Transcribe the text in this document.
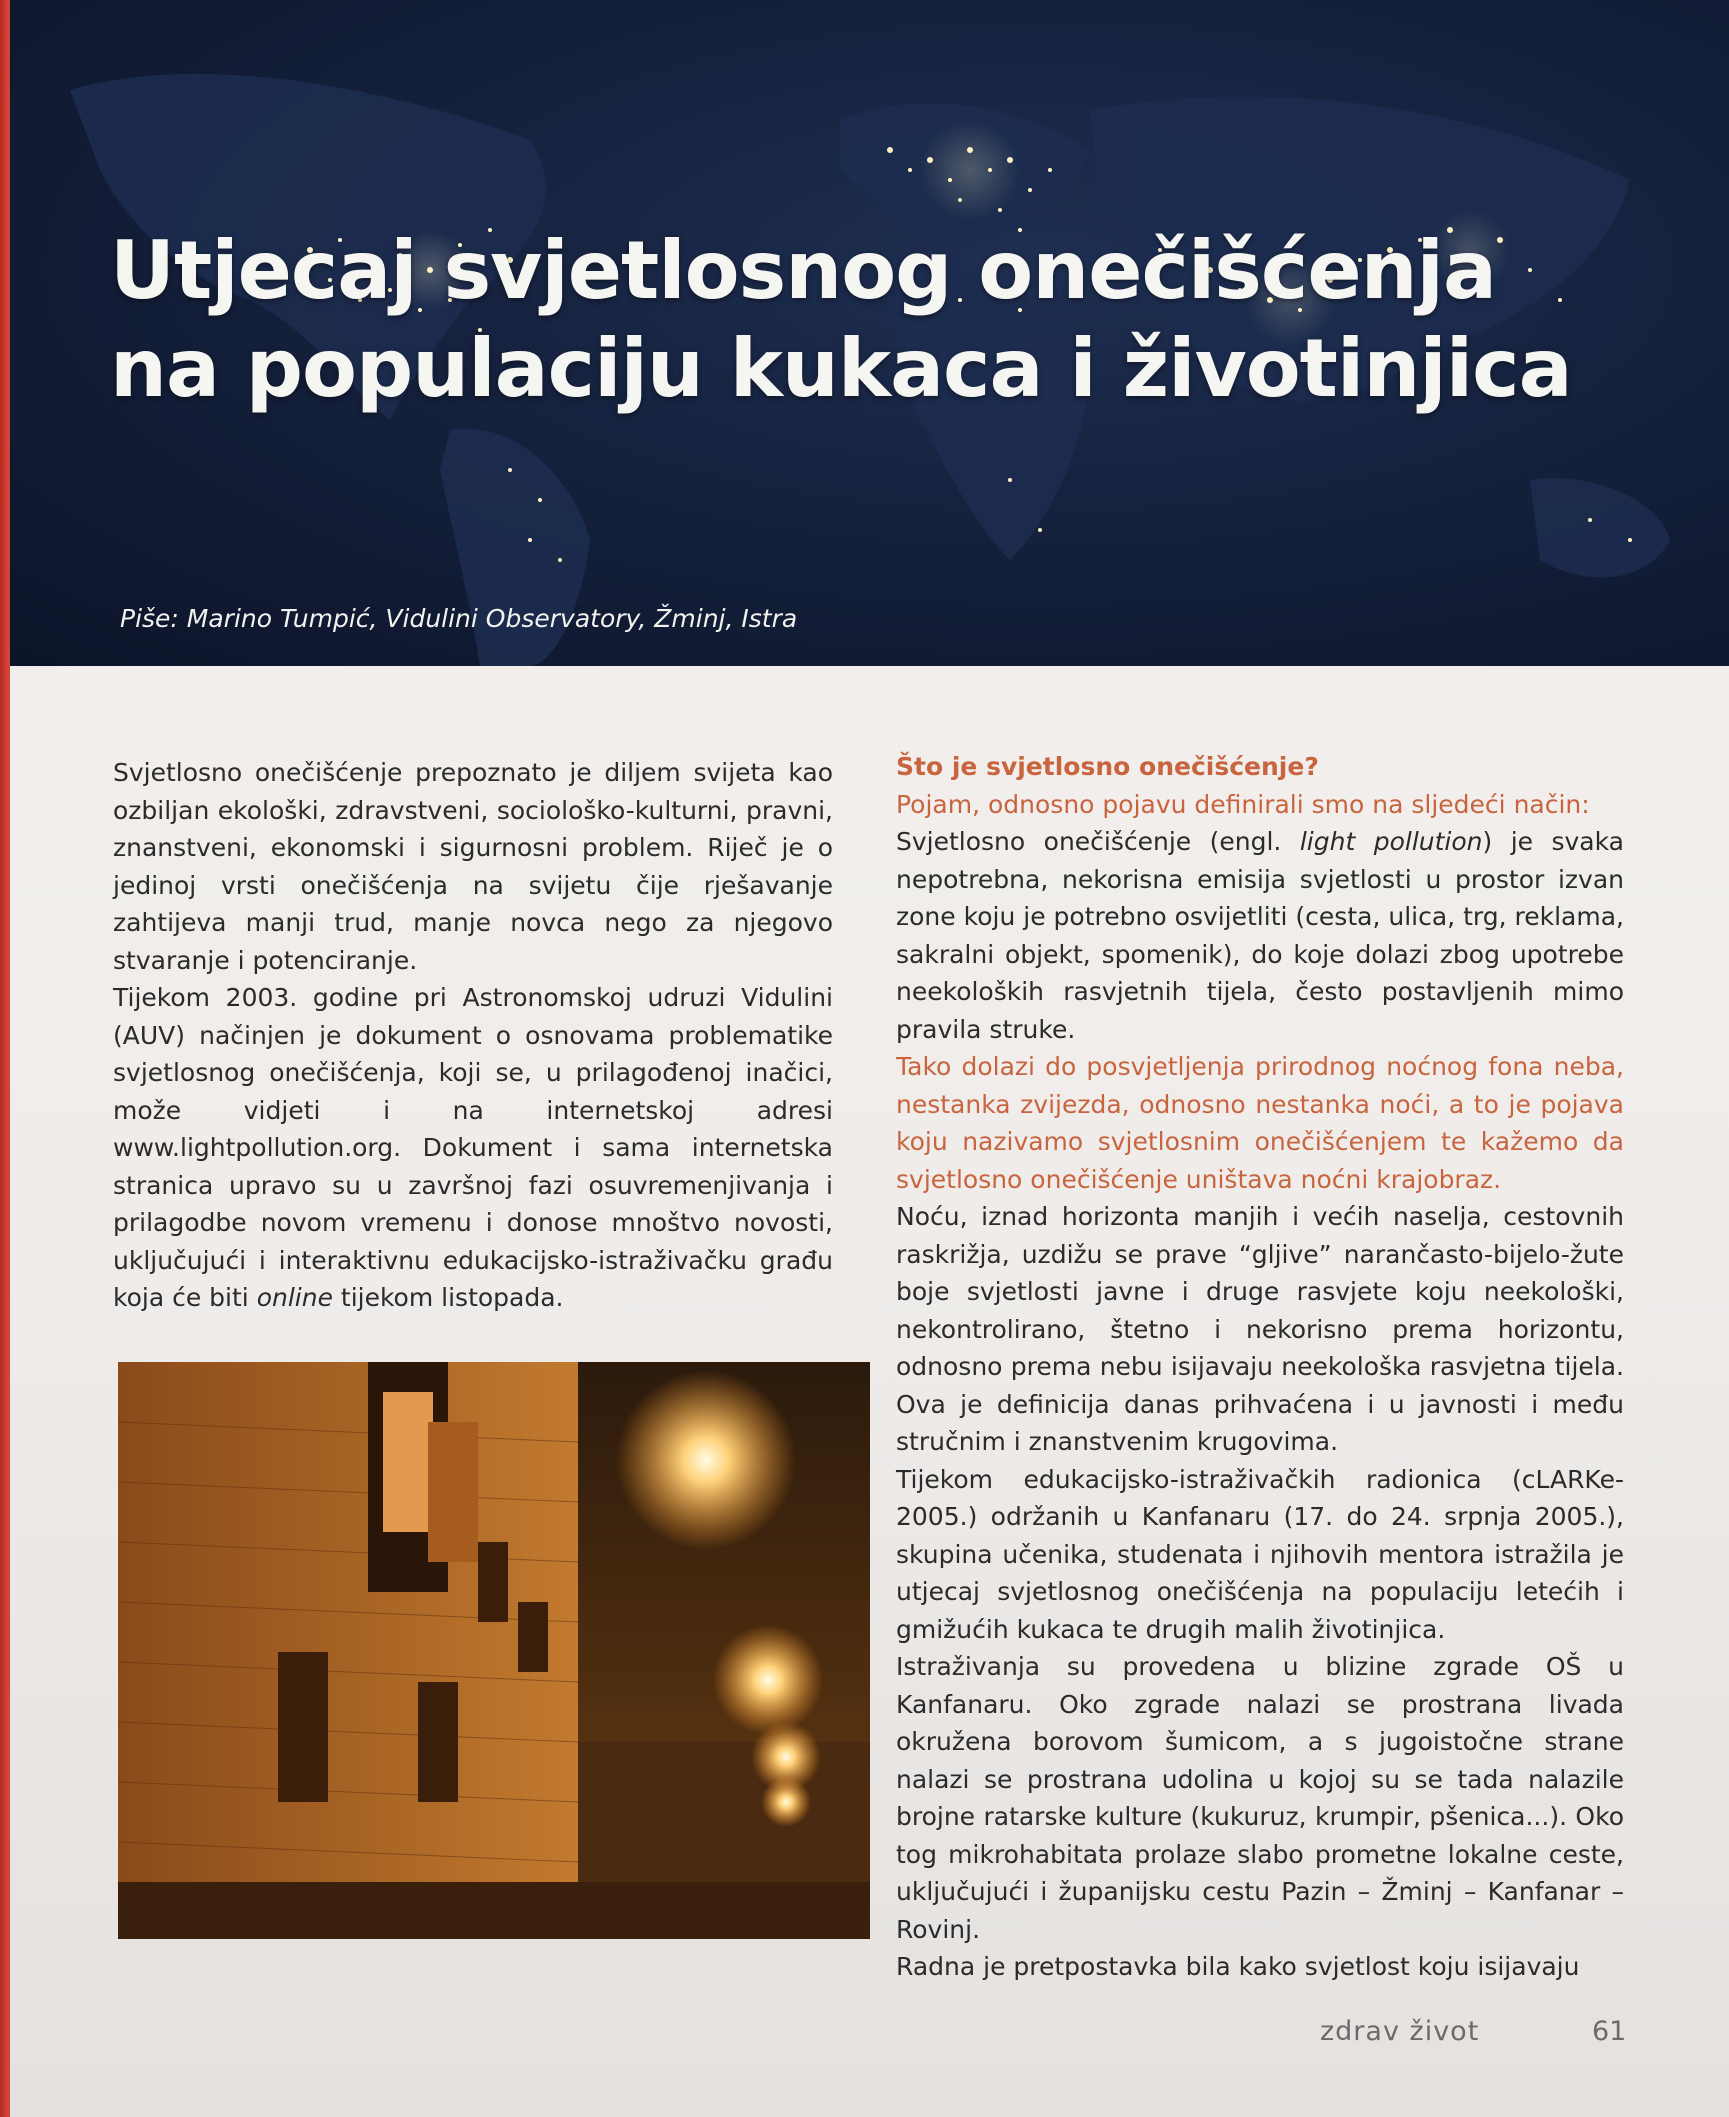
Utjecaj svjetlosnog onečišćenja
na populaciju kukaca i životinjica
Piše: Marino Tumpić, Vidulini Observatory, Žminj, Istra

Svjetlosno onečišćenje prepoznato je diljem svijeta kao ozbiljan ekološki, zdravstveni, sociološko-kulturni, pravni, znanstveni, ekonomski i sigurnosni problem. Riječ je o jedinoj vrsti onečišćenja na svijetu čije rješavanje zahtijeva manji trud, manje novca nego za njegovo stvaranje i potenciranje.

Tijekom 2003. godine pri Astronomskoj udruzi Vidulini (AUV) načinjen je dokument o osnovama problematike svjetlosnog onečišćenja, koji se, u prilagođenoj inačici, može vidjeti i na internetskoj adresi www.lightpollution.org. Dokument i sama internetska stranica upravo su u završnoj fazi osuvremenjivanja i prilagodbe novom vremenu i donose mnoštvo novosti, uključujući i interaktivnu edukacijsko-istraživačku građu koja će biti online tijekom listopada.

Što je svjetlosno onečišćenje?

Pojam, odnosno pojavu definirali smo na sljedeći način:

Svjetlosno onečišćenje (engl. light pollution) je svaka nepotrebna, nekorisna emisija svjetlosti u prostor izvan zone koju je potrebno osvijetliti (cesta, ulica, trg, reklama, sakralni objekt, spomenik), do koje dolazi zbog upotrebe neekoloških rasvjetnih tijela, često postavljenih mimo pravila struke.

Tako dolazi do posvjetljenja prirodnog noćnog fona neba, nestanka zvijezda, odnosno nestanka noći, a to je pojava koju nazivamo svjetlosnim onečišćenjem te kažemo da svjetlosno onečišćenje uništava noćni krajobraz.

Noću, iznad horizonta manjih i većih naselja, cestovnih raskrižja, uzdižu se prave “gljive” narančasto-bijelo-žute boje svjetlosti javne i druge rasvjete koju neekološki, nekontrolirano, štetno i nekorisno prema horizontu, odnosno prema nebu isijavaju neekološka rasvjetna tijela. Ova je definicija danas prihvaćena i u javnosti i među stručnim i znanstvenim krugovima.

Tijekom edukacijsko-istraživačkih radionica (cLARKe-2005.) održanih u Kanfanaru (17. do 24. srpnja 2005.), skupina učenika, studenata i njihovih mentora istražila je utjecaj svjetlosnog onečišćenja na populaciju letećih i gmižućih kukaca te drugih malih životinjica.

Istraživanja su provedena u blizine zgrade OŠ u Kanfanaru. Oko zgrade nalazi se prostrana livada okružena borovom šumicom, a s jugoistočne strane nalazi se prostrana udolina u kojoj su se tada nalazile brojne ratarske kulture (kukuruz, krumpir, pšenica...). Oko tog mikrohabitata prolaze slabo prometne lokalne ceste, uključujući i županijsku cestu Pazin – Žminj – Kanfanar – Rovinj.

Radna je pretpostavka bila kako svjetlost koju isijavaju

zdrav život	61
